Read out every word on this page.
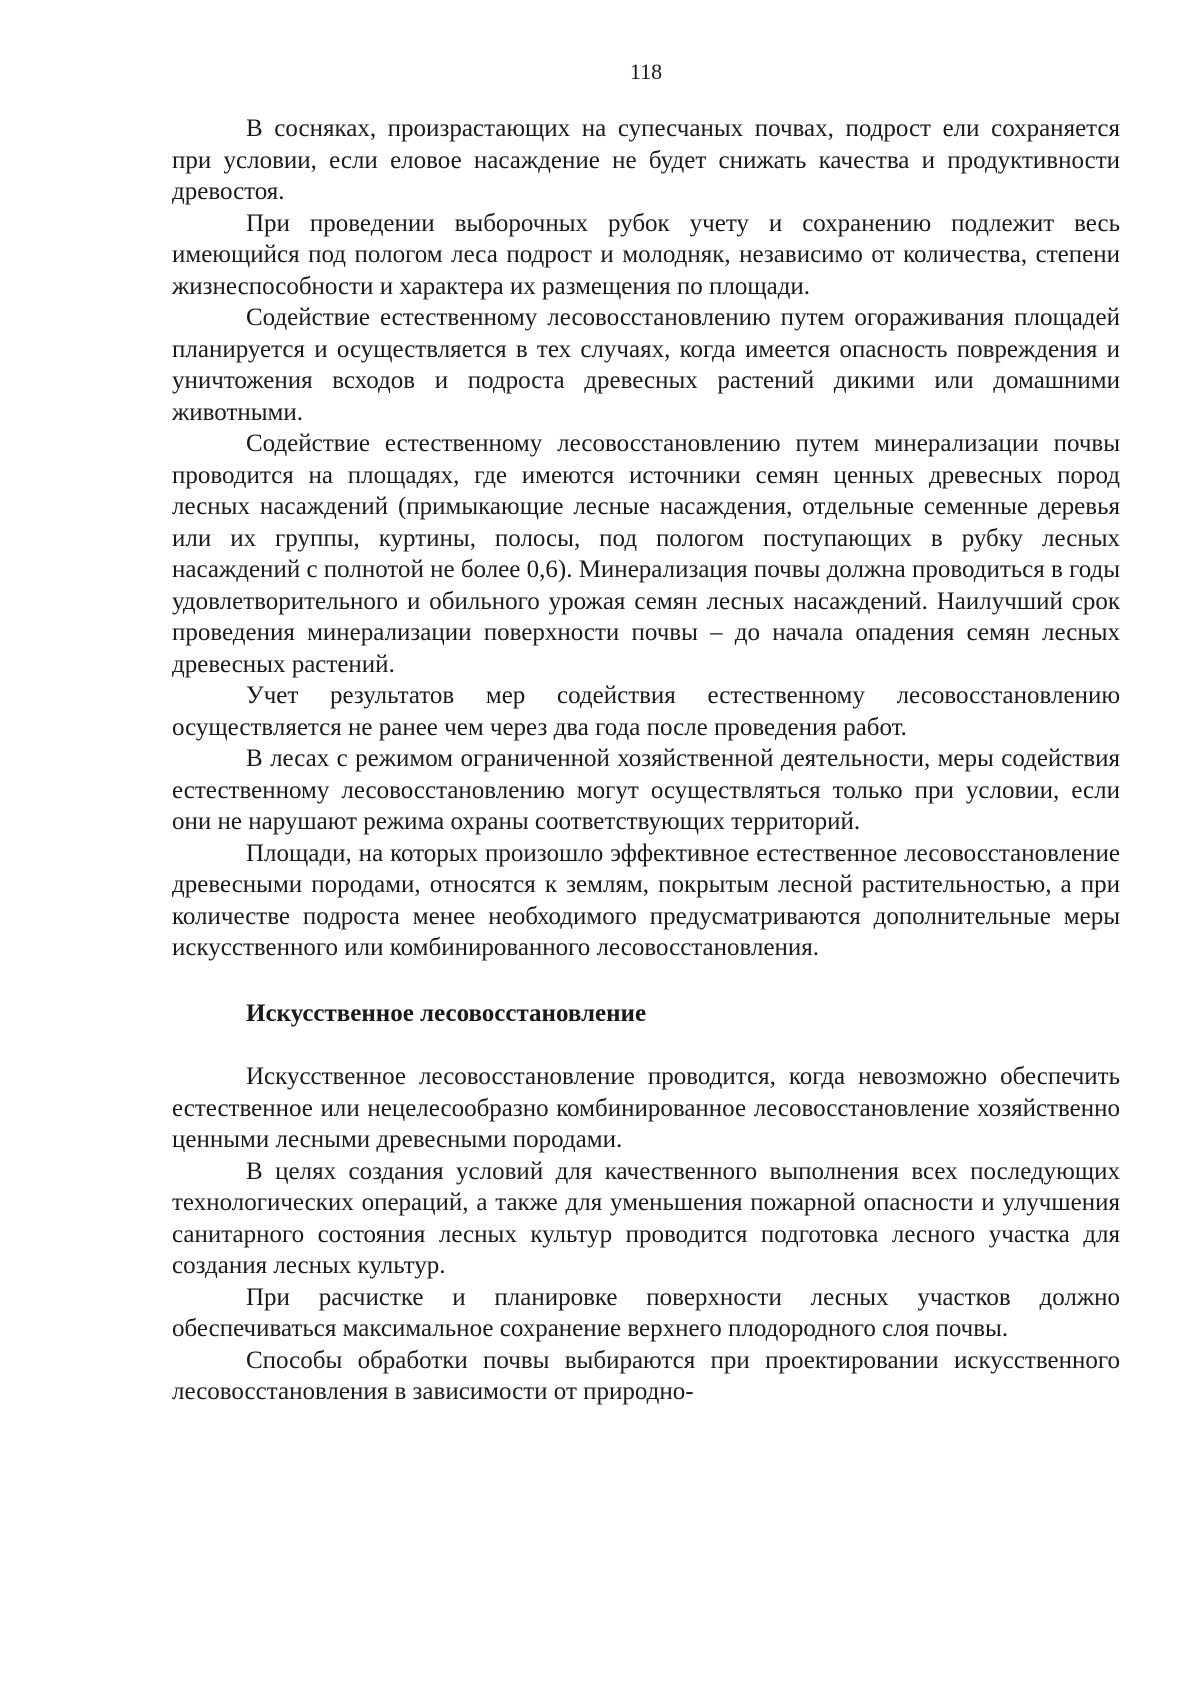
118

В сосняках, произрастающих на супесчаных почвах, подрост ели сохраняется при условии, если еловое насаждение не будет снижать качества и продуктивности древостоя.

При проведении выборочных рубок учету и сохранению подлежит весь имеющийся под пологом леса подрост и молодняк, независимо от количества, степени жизнеспособности и характера их размещения по площади.

Содействие естественному лесовосстановлению путем огораживания площадей планируется и осуществляется в тех случаях, когда имеется опасность повреждения и уничтожения всходов и подроста древесных растений дикими или домашними животными.

Содействие естественному лесовосстановлению путем минерализации почвы проводится на площадях, где имеются источники семян ценных древесных пород лесных насаждений (примыкающие лесные насаждения, отдельные семенные деревья или их группы, куртины, полосы, под пологом поступающих в рубку лесных насаждений с полнотой не более 0,6). Минерализация почвы должна проводиться в годы удовлетворительного и обильного урожая семян лесных насаждений. Наилучший срок проведения минерализации поверхности почвы – до начала опадения семян лесных древесных растений.

Учет результатов мер содействия естественному лесовосстановлению осуществляется не ранее чем через два года после проведения работ.

В лесах с режимом ограниченной хозяйственной деятельности, меры содействия естественному лесовосстановлению могут осуществляться только при условии, если они не нарушают режима охраны соответствующих территорий.

Площади, на которых произошло эффективное естественное лесовосстановление древесными породами, относятся к землям, покрытым лесной растительностью, а при количестве подроста менее необходимого предусматриваются дополнительные меры искусственного или комбинированного лесовосстановления.

Искусственное лесовосстановление

Искусственное лесовосстановление проводится, когда невозможно обеспечить естественное или нецелесообразно комбинированное лесовосстановление хозяйственно ценными лесными древесными породами.

В целях создания условий для качественного выполнения всех последующих технологических операций, а также для уменьшения пожарной опасности и улучшения санитарного состояния лесных культур проводится подготовка лесного участка для создания лесных культур.

При расчистке и планировке поверхности лесных участков должно обеспечиваться максимальное сохранение верхнего плодородного слоя почвы.

Способы обработки почвы выбираются при проектировании искусственного лесовосстановления в зависимости от природно-
